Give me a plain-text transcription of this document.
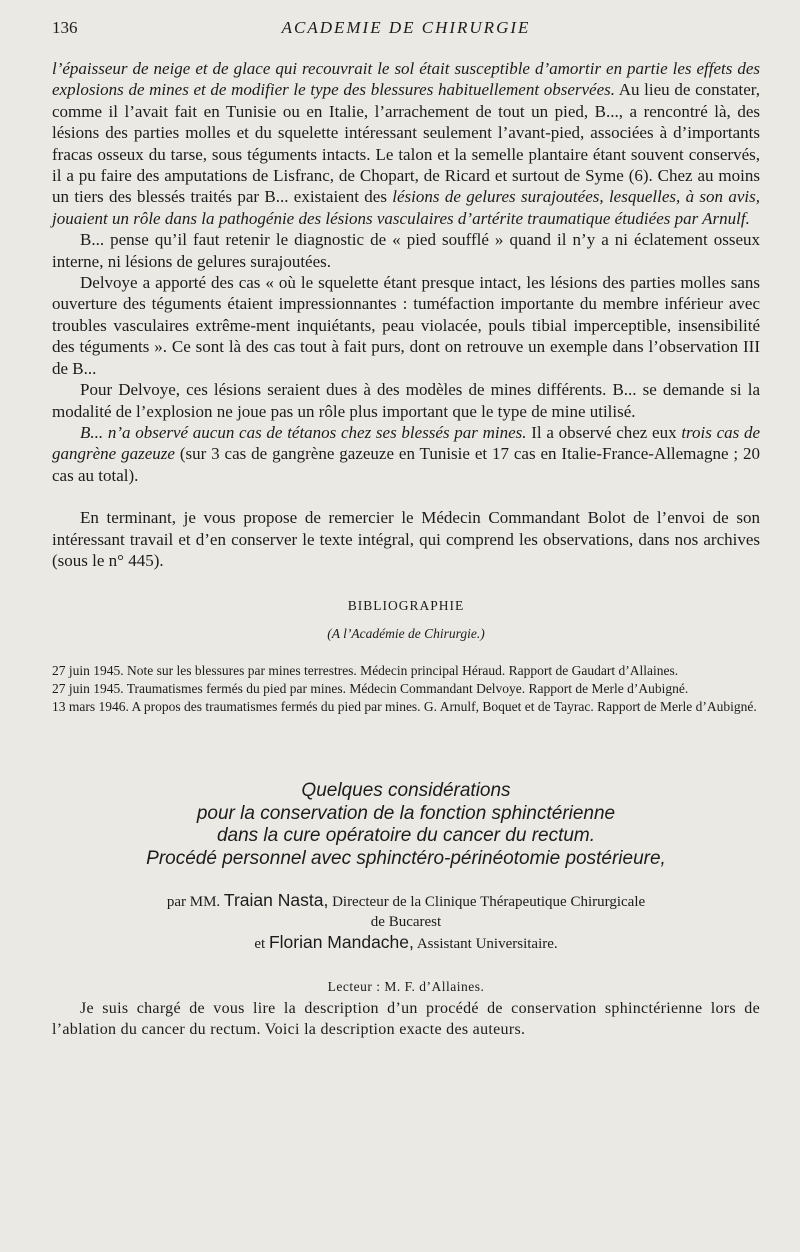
136	ACADEMIE DE CHIRURGIE

l’épaisseur de neige et de glace qui recouvrait le sol était susceptible d’amortir en partie les effets des explosions de mines et de modifier le type des blessures habituellement observées. Au lieu de constater, comme il l’avait fait en Tunisie ou en Italie, l’arrachement de tout un pied, B..., a rencontré là, des lésions des parties molles et du squelette intéressant seulement l’avant-pied, associées à d’importants fracas osseux du tarse, sous téguments intacts. Le talon et la semelle plantaire étant souvent conservés, il a pu faire des amputations de Lisfranc, de Chopart, de Ricard et surtout de Syme (6). Chez au moins un tiers des blessés traités par B... existaient des lésions de gelures surajoutées, lesquelles, à son avis, jouaient un rôle dans la pathogénie des lésions vasculaires d’artérite traumatique étudiées par Arnulf.

B... pense qu’il faut retenir le diagnostic de « pied soufflé » quand il n’y a ni éclatement osseux interne, ni lésions de gelures surajoutées.

Delvoye a apporté des cas « où le squelette étant presque intact, les lésions des parties molles sans ouverture des téguments étaient impressionnantes : tuméfaction importante du membre inférieur avec troubles vasculaires extrême-ment inquiétants, peau violacée, pouls tibial imperceptible, insensibilité des téguments ». Ce sont là des cas tout à fait purs, dont on retrouve un exemple dans l’observation III de B...

Pour Delvoye, ces lésions seraient dues à des modèles de mines différents. B... se demande si la modalité de l’explosion ne joue pas un rôle plus important que le type de mine utilisé.

B... n’a observé aucun cas de tétanos chez ses blessés par mines. Il a observé chez eux trois cas de gangrène gazeuze (sur 3 cas de gangrène gazeuze en Tunisie et 17 cas en Italie-France-Allemagne ; 20 cas au total).

En terminant, je vous propose de remercier le Médecin Commandant Bolot de l’envoi de son intéressant travail et d’en conserver le texte intégral, qui comprend les observations, dans nos archives (sous le n° 445).

BIBLIOGRAPHIE
(A l’Académie de Chirurgie.)

27 juin 1945. Note sur les blessures par mines terrestres. Médecin principal Héraud. Rapport de Gaudart d’Allaines.

27 juin 1945. Traumatismes fermés du pied par mines. Médecin Commandant Delvoye. Rapport de Merle d’Aubigné.

13 mars 1946. A propos des traumatismes fermés du pied par mines. G. Arnulf, Boquet et de Tayrac. Rapport de Merle d’Aubigné.

Quelques considérations
pour la conservation de la fonction sphinctérienne
dans la cure opératoire du cancer du rectum.
Procédé personnel avec sphinctéro-périnéotomie postérieure,
par MM. Traian Nasta, Directeur de la Clinique Thérapeutique Chirurgicale
de Bucarest
et Florian Mandache, Assistant Universitaire.
Lecteur : M. F. d’Allaines.

Je suis chargé de vous lire la description d’un procédé de conservation sphinctérienne lors de l’ablation du cancer du rectum. Voici la description exacte des auteurs.
